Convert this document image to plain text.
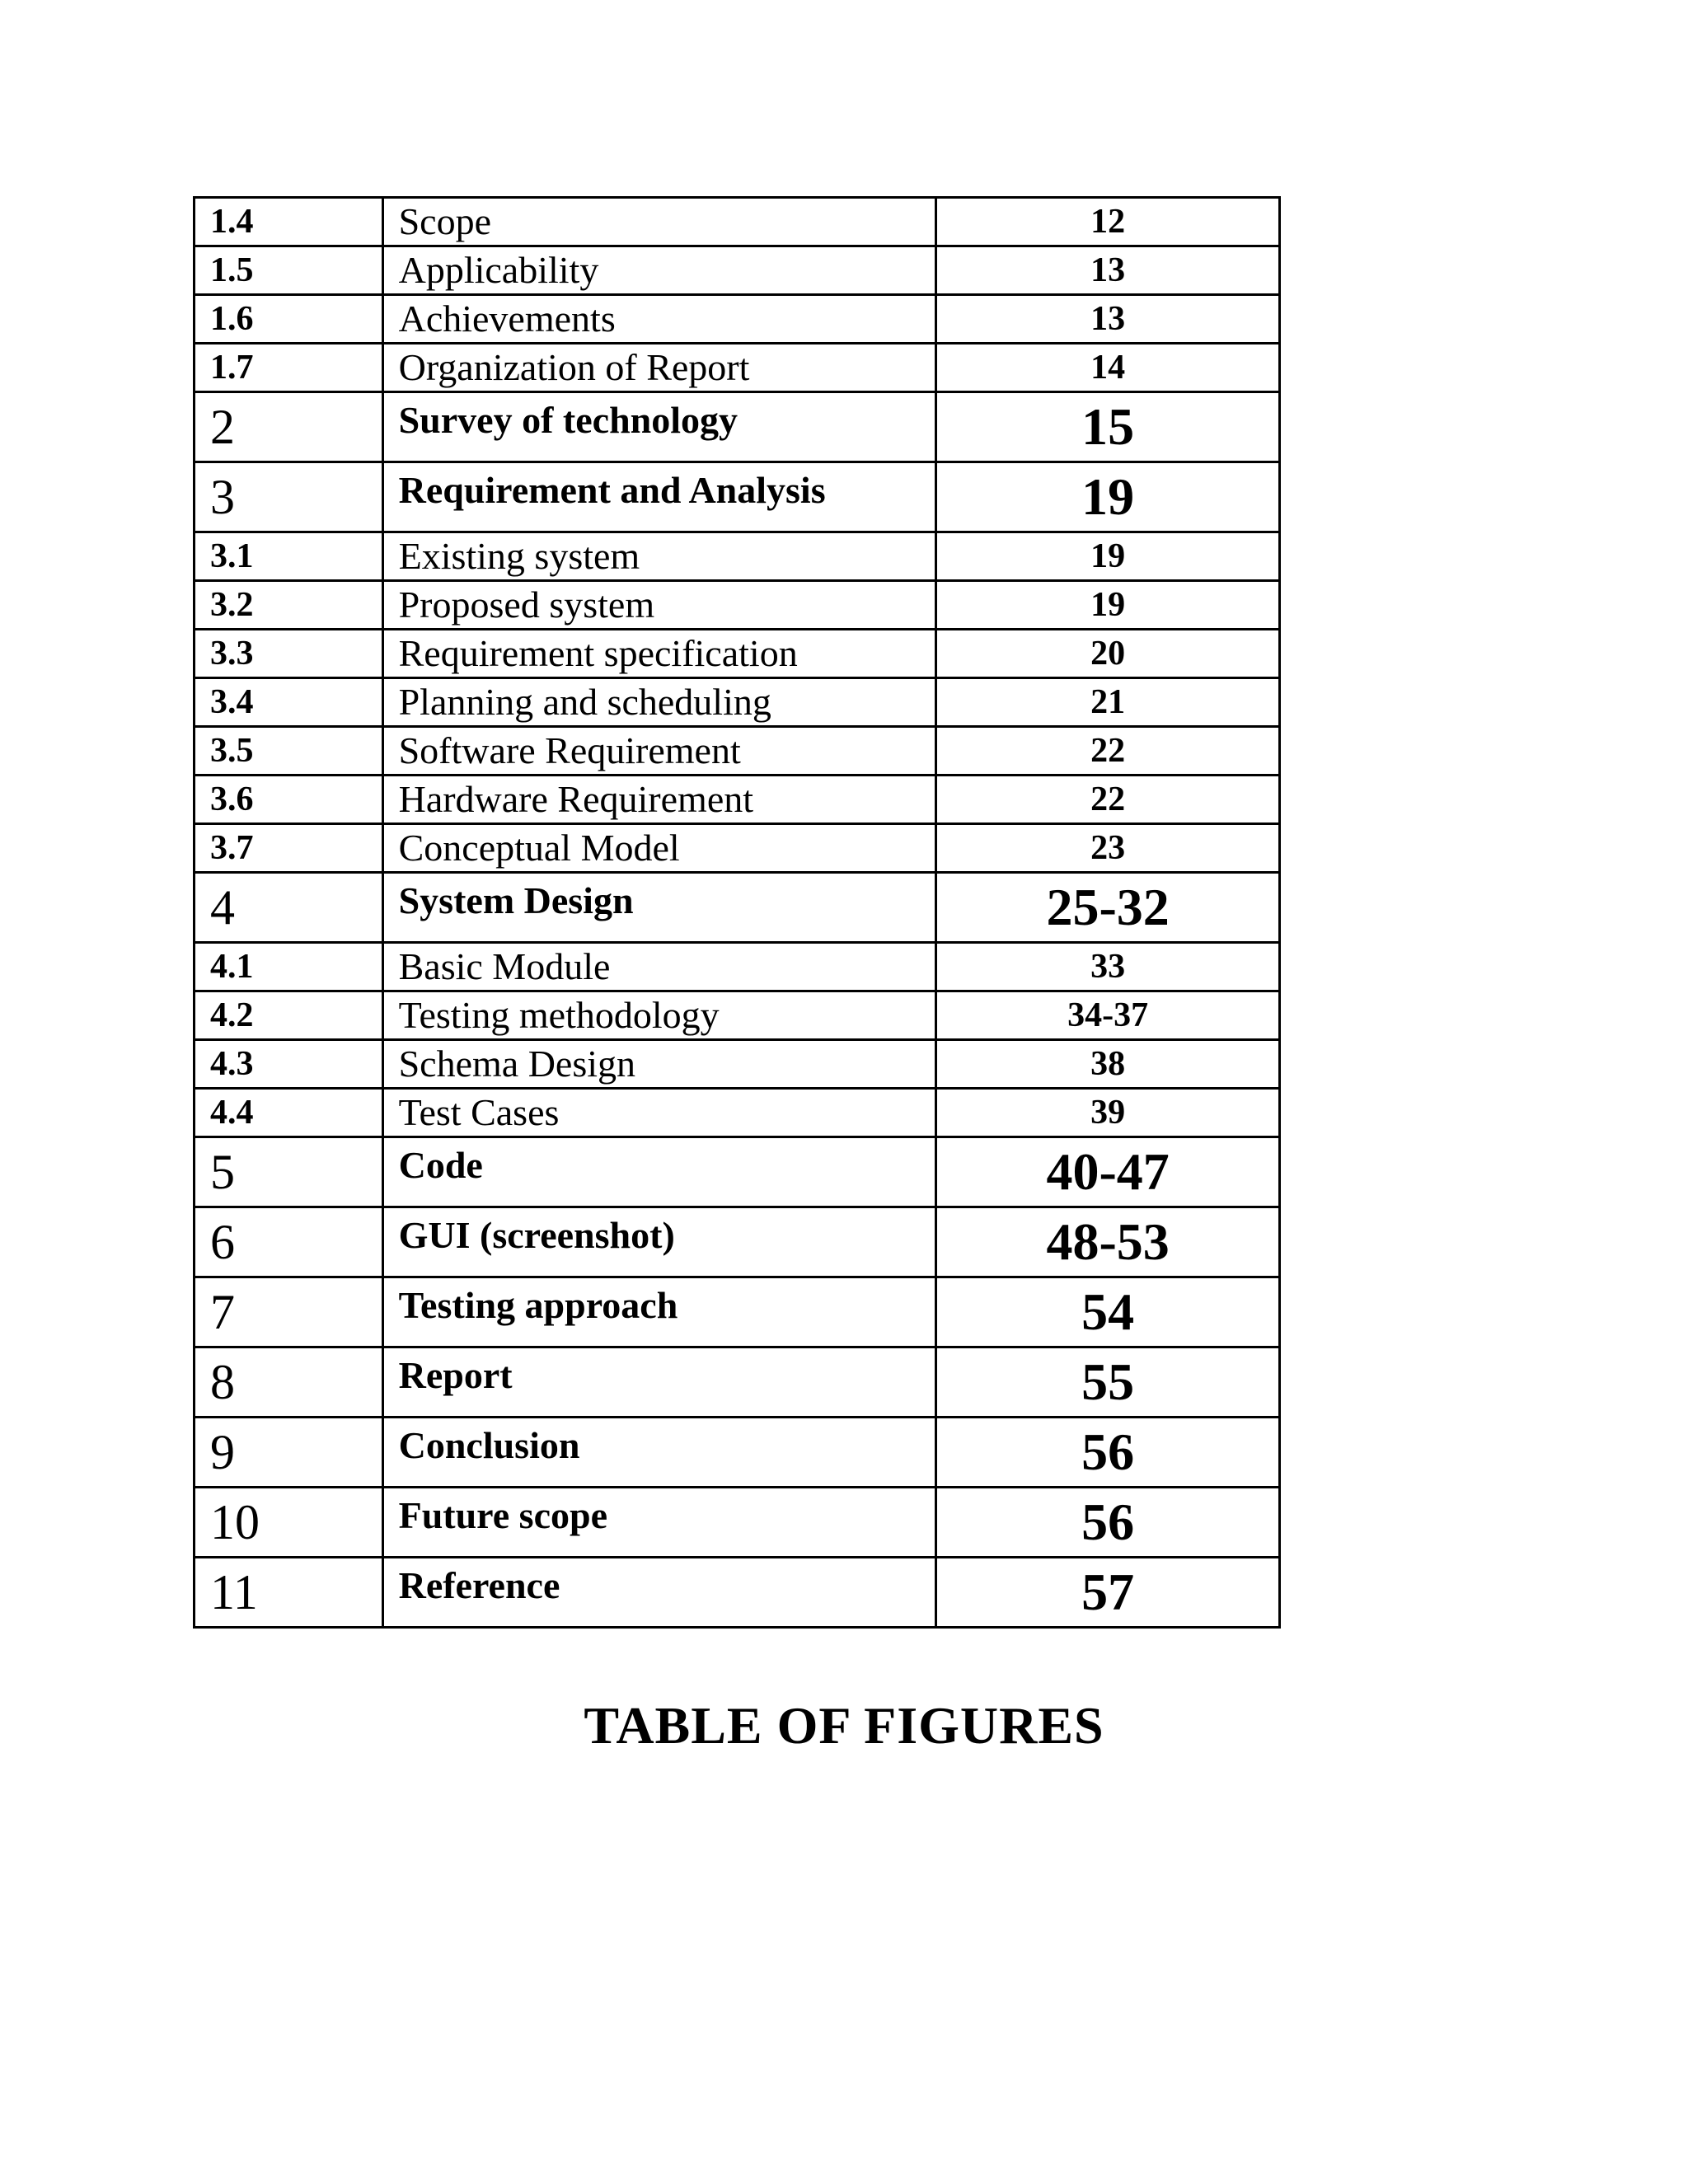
1.4	Scope	12
1.5	Applicability	13
1.6	Achievements	13
1.7	Organization of Report	14
2	Survey of technology	15
3	Requirement and Analysis	19
3.1	Existing system	19
3.2	Proposed system	19
3.3	Requirement specification	20
3.4	Planning and scheduling	21
3.5	Software Requirement	22
3.6	Hardware Requirement	22
3.7	Conceptual Model	23
4	System Design	25-32
4.1	Basic Module	33
4.2	Testing methodology	34-37
4.3	Schema Design	38
4.4	Test Cases	39
5	Code	40-47
6	GUI (screenshot)	48-53
7	Testing approach	54
8	Report	55
9	Conclusion	56
10	Future scope	56
11	Reference	57
TABLE OF FIGURES
